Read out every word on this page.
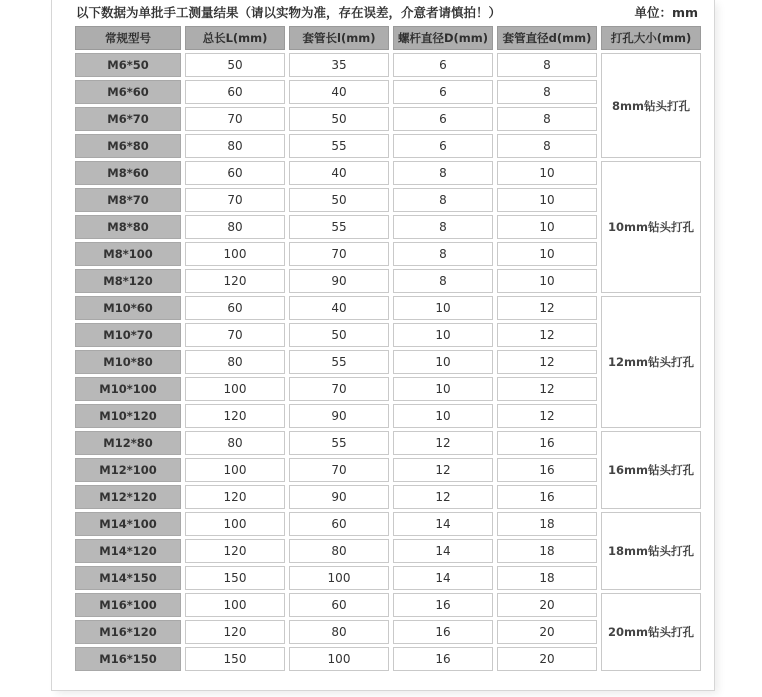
以下数据为单批手工测量结果（请以实物为准，存在误差，介意者请慎拍！）	单位：mm
常规型号	总长L(mm)	套管长l(mm)	螺杆直径D(mm)	套管直径d(mm)	打孔大小(mm)
M6*50	50	35	6	8	8mm钻头打孔
M6*60	60	40	6	8	
M6*70	70	50	6	8	
M6*80	80	55	6	8	
M8*60	60	40	8	10	10mm钻头打孔
M8*70	70	50	8	10	
M8*80	80	55	8	10	
M8*100	100	70	8	10	
M8*120	120	90	8	10	
M10*60	60	40	10	12	12mm钻头打孔
M10*70	70	50	10	12	
M10*80	80	55	10	12	
M10*100	100	70	10	12	
M10*120	120	90	10	12	
M12*80	80	55	12	16	16mm钻头打孔
M12*100	100	70	12	16	
M12*120	120	90	12	16	
M14*100	100	60	14	18	18mm钻头打孔
M14*120	120	80	14	18	
M14*150	150	100	14	18	
M16*100	100	60	16	20	20mm钻头打孔
M16*120	120	80	16	20	
M16*150	150	100	16	20	
